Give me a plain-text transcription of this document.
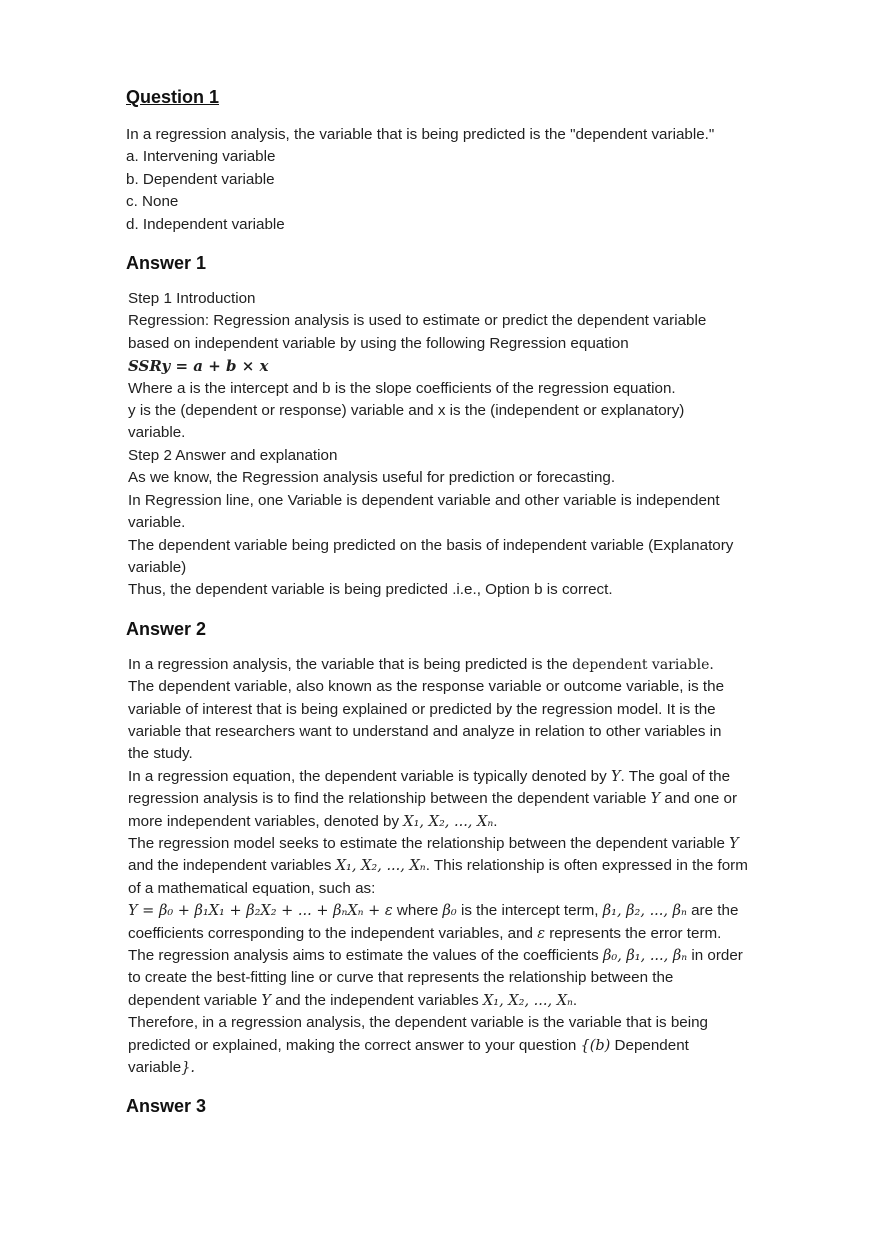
Question 1
In a regression analysis, the variable that is being predicted is the "dependent variable."
a. Intervening variable
b. Dependent variable
c. None
d. Independent variable
Answer 1
Step 1 Introduction
Regression: Regression analysis is used to estimate or predict the dependent variable
based on independent variable by using the following Regression equation
SSRy = a + b × x
Where a is the intercept and b is the slope coefficients of the regression equation.
y is the (dependent or response) variable and x is the (independent or explanatory)
variable.
Step 2 Answer and explanation
As we know, the Regression analysis useful for prediction or forecasting.
In Regression line, one Variable is dependent variable and other variable is independent
variable.
The dependent variable being predicted on the basis of independent variable (Explanatory
variable)
Thus, the dependent variable is being predicted .i.e., Option b is correct.
Answer 2
In a regression analysis, the variable that is being predicted is the dependent variable.
The dependent variable, also known as the response variable or outcome variable, is the
variable of interest that is being explained or predicted by the regression model. It is the
variable that researchers want to understand and analyze in relation to other variables in
the study.
In a regression equation, the dependent variable is typically denoted by Y. The goal of the
regression analysis is to find the relationship between the dependent variable Y and one or
more independent variables, denoted by X₁, X₂, ..., Xₙ.
The regression model seeks to estimate the relationship between the dependent variable Y
and the independent variables X₁, X₂, ..., Xₙ. This relationship is often expressed in the form
of a mathematical equation, such as:
Y = β₀ + β₁X₁ + β₂X₂ + ... + βₙXₙ + ε where β₀ is the intercept term, β₁, β₂, ..., βₙ are the
coefficients corresponding to the independent variables, and ε represents the error term.
The regression analysis aims to estimate the values of the coefficients β₀, β₁, ..., βₙ in order
to create the best-fitting line or curve that represents the relationship between the
dependent variable Y and the independent variables X₁, X₂, ..., Xₙ.
Therefore, in a regression analysis, the dependent variable is the variable that is being
predicted or explained, making the correct answer to your question {(b) Dependent
variable}.
Answer 3
